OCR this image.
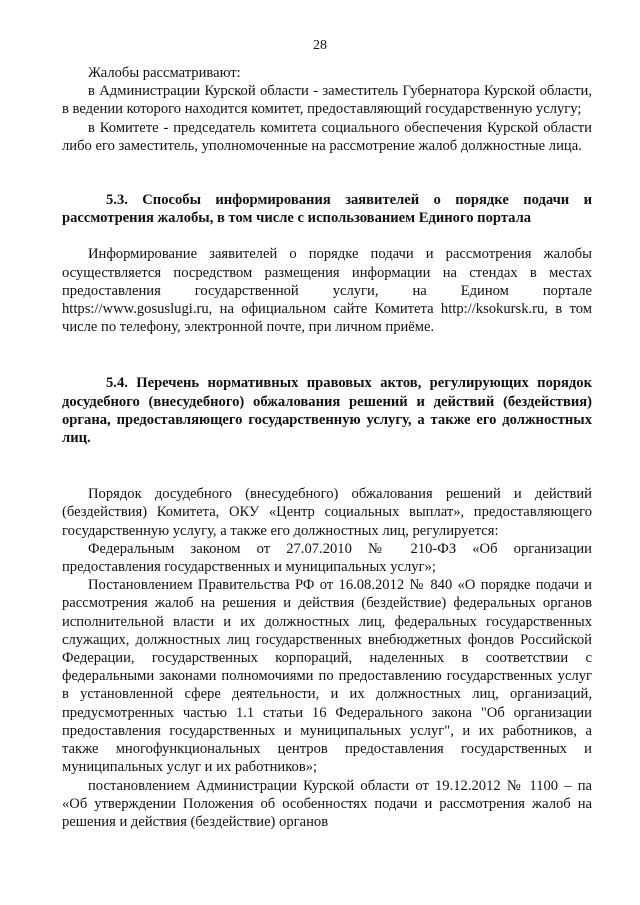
28

Жалобы рассматривают:

в Администрации Курской области - заместитель Губернатора Курской области, в ведении которого находится комитет, предоставляющий государственную услугу;

в Комитете - председатель комитета социального обеспечения Курской области либо его заместитель, уполномоченные на рассмотрение жалоб должностные лица.

5.3. Способы информирования заявителей о порядке подачи и рассмотрения жалобы, в том числе с использованием Единого портала

Информирование заявителей о порядке подачи и рассмотрения жалобы осуществляется посредством размещения информации на стендах в местах предоставления государственной услуги, на Едином портале https://www.gosuslugi.ru, на официальном сайте Комитета http://ksokursk.ru, в том числе по телефону, электронной почте, при личном приёме.

5.4. Перечень нормативных правовых актов, регулирующих порядок досудебного (внесудебного) обжалования решений и действий (бездействия) органа, предоставляющего государственную услугу, а также его должностных лиц.

Порядок досудебного (внесудебного) обжалования решений и действий (бездействия) Комитета, ОКУ «Центр социальных выплат», предоставляющего государственную услугу, а также его должностных лиц, регулируется:

Федеральным законом от 27.07.2010 № 210-ФЗ «Об организации предоставления государственных и муниципальных услуг»;

Постановлением Правительства РФ от 16.08.2012 № 840 «О порядке подачи и рассмотрения жалоб на решения и действия (бездействие) федеральных органов исполнительной власти и их должностных лиц, федеральных государственных служащих, должностных лиц государственных внебюджетных фондов Российской Федерации, государственных корпораций, наделенных в соответствии с федеральными законами полномочиями по предоставлению государственных услуг в установленной сфере деятельности, и их должностных лиц, организаций, предусмотренных частью 1.1 статьи 16 Федерального закона "Об организации предоставления государственных и муниципальных услуг", и их работников, а также многофункциональных центров предоставления государственных и муниципальных услуг и их работников»;

постановлением Администрации Курской области от 19.12.2012 № 1100 – па «Об утверждении Положения об особенностях подачи и рассмотрения жалоб на решения и действия (бездействие) органов
